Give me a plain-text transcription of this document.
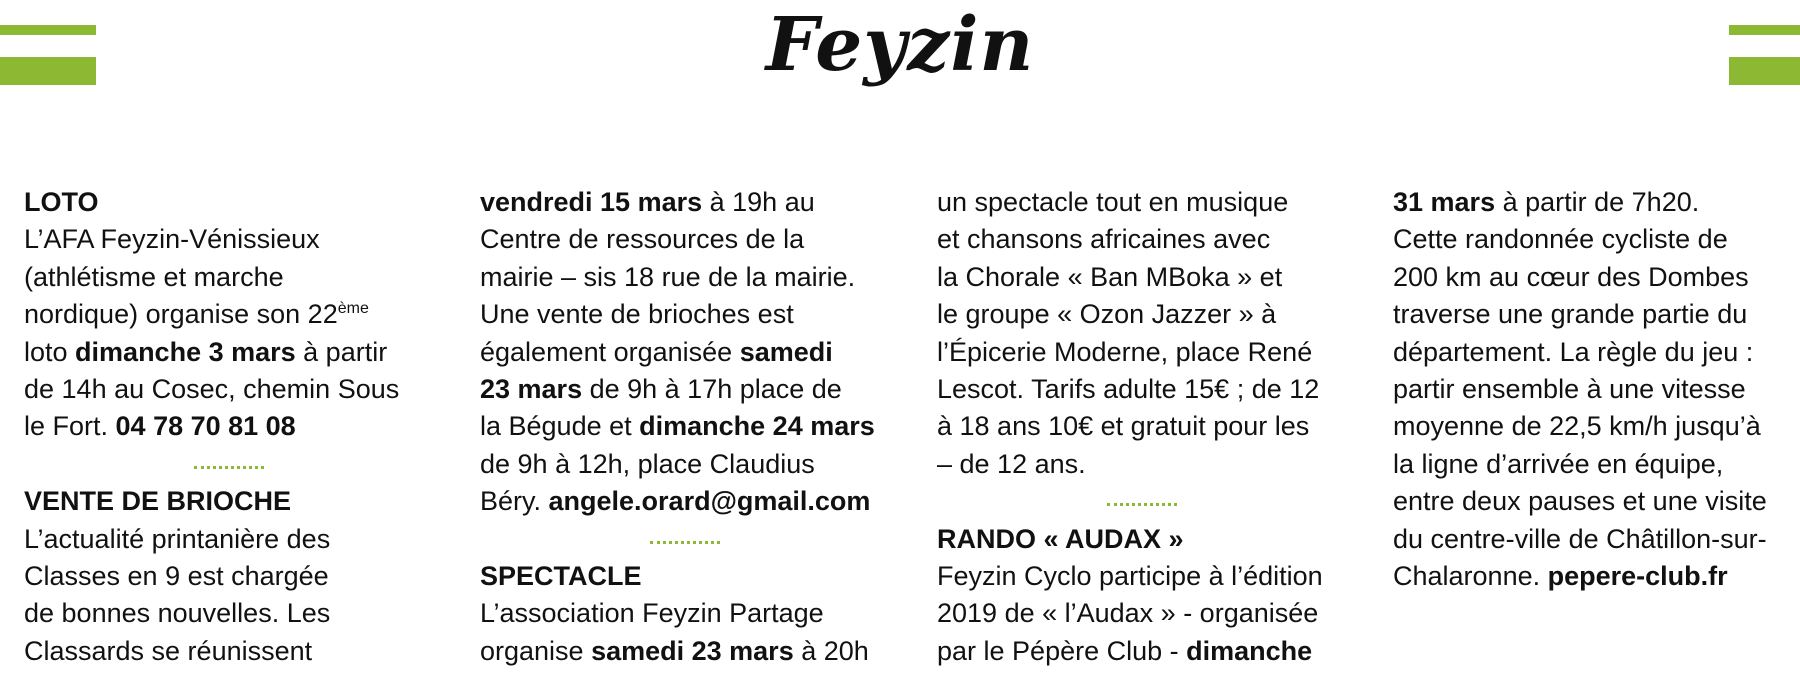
Feyzin
LOTO
L’AFA Feyzin-Vénissieux
(athlétisme et marche
nordique) organise son 22ème
loto dimanche 3 mars à partir
de 14h au Cosec, chemin Sous
le Fort. 04 78 70 81 08
VENTE DE BRIOCHE
L’actualité printanière des
Classes en 9 est chargée
de bonnes nouvelles. Les
Classards se réunissent
vendredi 15 mars à 19h au
Centre de ressources de la
mairie – sis 18 rue de la mairie.
Une vente de brioches est
également organisée samedi
23 mars de 9h à 17h place de
la Bégude et dimanche 24 mars
de 9h à 12h, place Claudius
Béry. angele.orard@gmail.com
SPECTACLE
L’association Feyzin Partage
organise samedi 23 mars à 20h
un spectacle tout en musique
et chansons africaines avec
la Chorale « Ban MBoka » et
le groupe « Ozon Jazzer » à
l’Épicerie Moderne, place René
Lescot. Tarifs adulte 15€ ; de 12
à 18 ans 10€ et gratuit pour les
– de 12 ans.
RANDO « AUDAX »
Feyzin Cyclo participe à l’édition
2019 de « l’Audax » - organisée
par le Pépère Club - dimanche
31 mars à partir de 7h20.
Cette randonnée cycliste de
200 km au cœur des Dombes
traverse une grande partie du
département. La règle du jeu :
partir ensemble à une vitesse
moyenne de 22,5 km/h jusqu’à
la ligne d’arrivée en équipe,
entre deux pauses et une visite
du centre-ville de Châtillon-sur-
Chalaronne. pepere-club.fr
